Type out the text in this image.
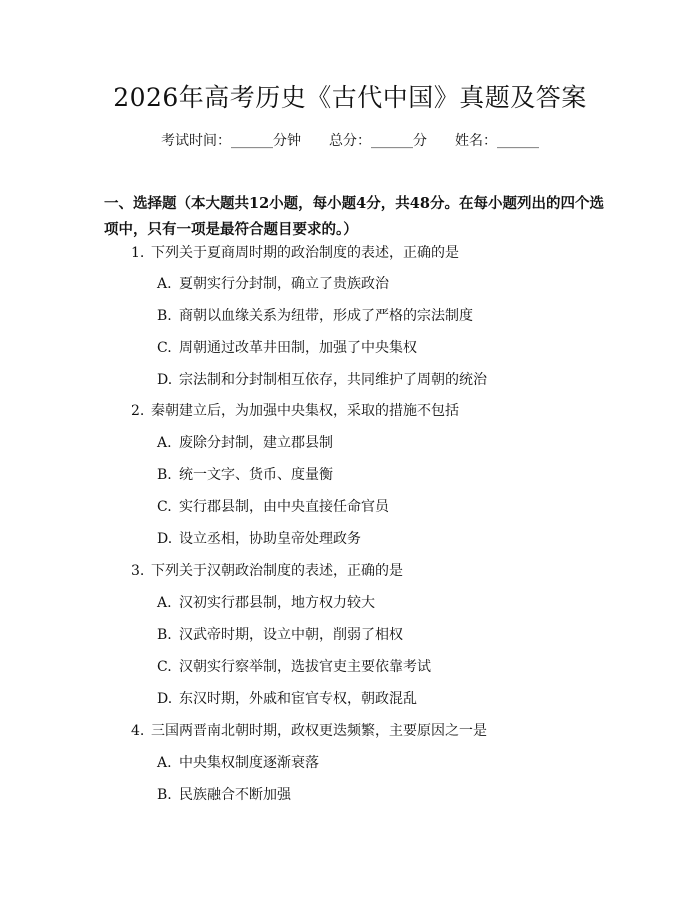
2026年高考历史《古代中国》真题及答案
考试时间：______分钟 总分：______分 姓名：______
一、选择题（本大题共12小题，每小题4分，共48分。在每小题列出的四个选项中，只有一项是最符合题目要求的。）
1. 下列关于夏商周时期的政治制度的表述，正确的是
A. 夏朝实行分封制，确立了贵族政治
B. 商朝以血缘关系为纽带，形成了严格的宗法制度
C. 周朝通过改革井田制，加强了中央集权
D. 宗法制和分封制相互依存，共同维护了周朝的统治
2. 秦朝建立后，为加强中央集权，采取的措施不包括
A. 废除分封制，建立郡县制
B. 统一文字、货币、度量衡
C. 实行郡县制，由中央直接任命官员
D. 设立丞相，协助皇帝处理政务
3. 下列关于汉朝政治制度的表述，正确的是
A. 汉初实行郡县制，地方权力较大
B. 汉武帝时期，设立中朝，削弱了相权
C. 汉朝实行察举制，选拔官吏主要依靠考试
D. 东汉时期，外戚和宦官专权，朝政混乱
4. 三国两晋南北朝时期，政权更迭频繁，主要原因之一是
A. 中央集权制度逐渐衰落
B. 民族融合不断加强
